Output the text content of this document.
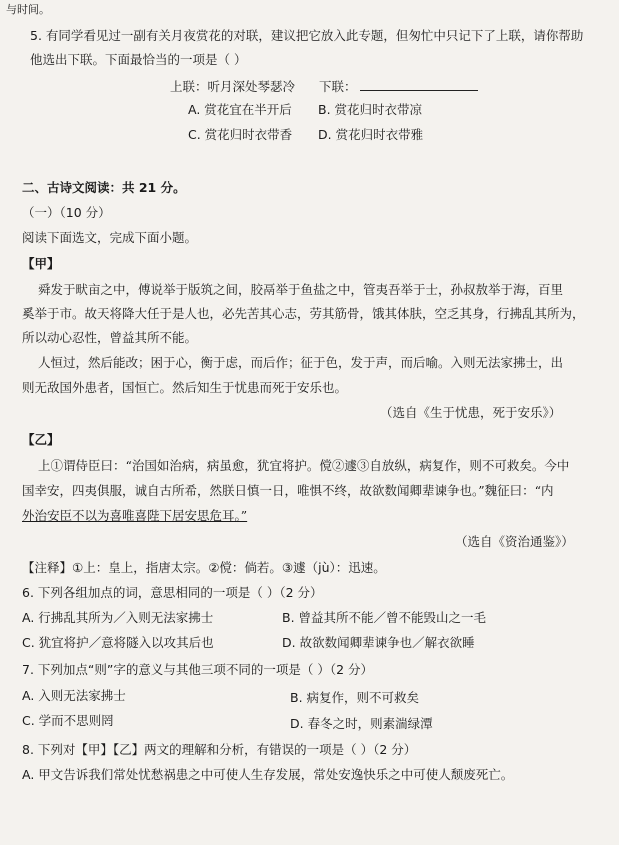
与时间。
5. 有同学看见过一副有关月夜赏花的对联，建议把它放入此专题，但匆忙中只记下了上联，请你帮助
他选出下联。下面最恰当的一项是（ ）
上联：听月深处琴瑟冷 下联：
A. 赏花宜在半开后 B. 赏花归时衣带凉
C. 赏花归时衣带香 D. 赏花归时衣带雅
二、古诗文阅读：共 21 分。
（一）（10 分）
阅读下面选文，完成下面小题。
【甲】
舜发于畎亩之中，傅说举于版筑之间，胶鬲举于鱼盐之中，管夷吾举于士，孙叔敖举于海，百里
奚举于市。故天将降大任于是人也，必先苦其心志，劳其筋骨，饿其体肤，空乏其身，行拂乱其所为，
所以动心忍性，曾益其所不能。
人恒过，然后能改；困于心，衡于虑，而后作；征于色，发于声，而后喻。入则无法家拂士，出
则无敌国外患者，国恒亡。然后知生于忧患而死于安乐也。
（选自《生于忧患，死于安乐》）
【乙】
上①谓侍臣曰：“治国如治病，病虽愈，犹宜将护。傥②遽③自放纵，病复作，则不可救矣。今中
国幸安，四夷俱服，诚自古所希，然朕日慎一日，唯惧不终，故欲数闻卿辈谏争也。”魏征曰：“内
外治安臣不以为喜唯喜陛下居安思危耳。”
（选自《资治通鉴》）
【注释】①上：皇上，指唐太宗。②傥：倘若。③遽（jù）：迅速。
6. 下列各组加点的词，意思相同的一项是（ ）（2 分）
A. 行拂乱其所为／入则无法家拂士	B. 曾益其所不能／曾不能毁山之一毛
C. 犹宜将护／意将隧入以攻其后也	D. 故欲数闻卿辈谏争也／解衣欲睡
7. 下列加点“则”字的意义与其他三项不同的一项是（ ）（2 分）
A. 入则无法家拂士	B. 病复作，则不可救矣
C. 学而不思则罔	D. 春冬之时，则素湍绿潭
8. 下列对【甲】【乙】两文的理解和分析，有错误的一项是（ ）（2 分）
A. 甲文告诉我们常处忧愁祸患之中可使人生存发展，常处安逸快乐之中可使人颓废死亡。
